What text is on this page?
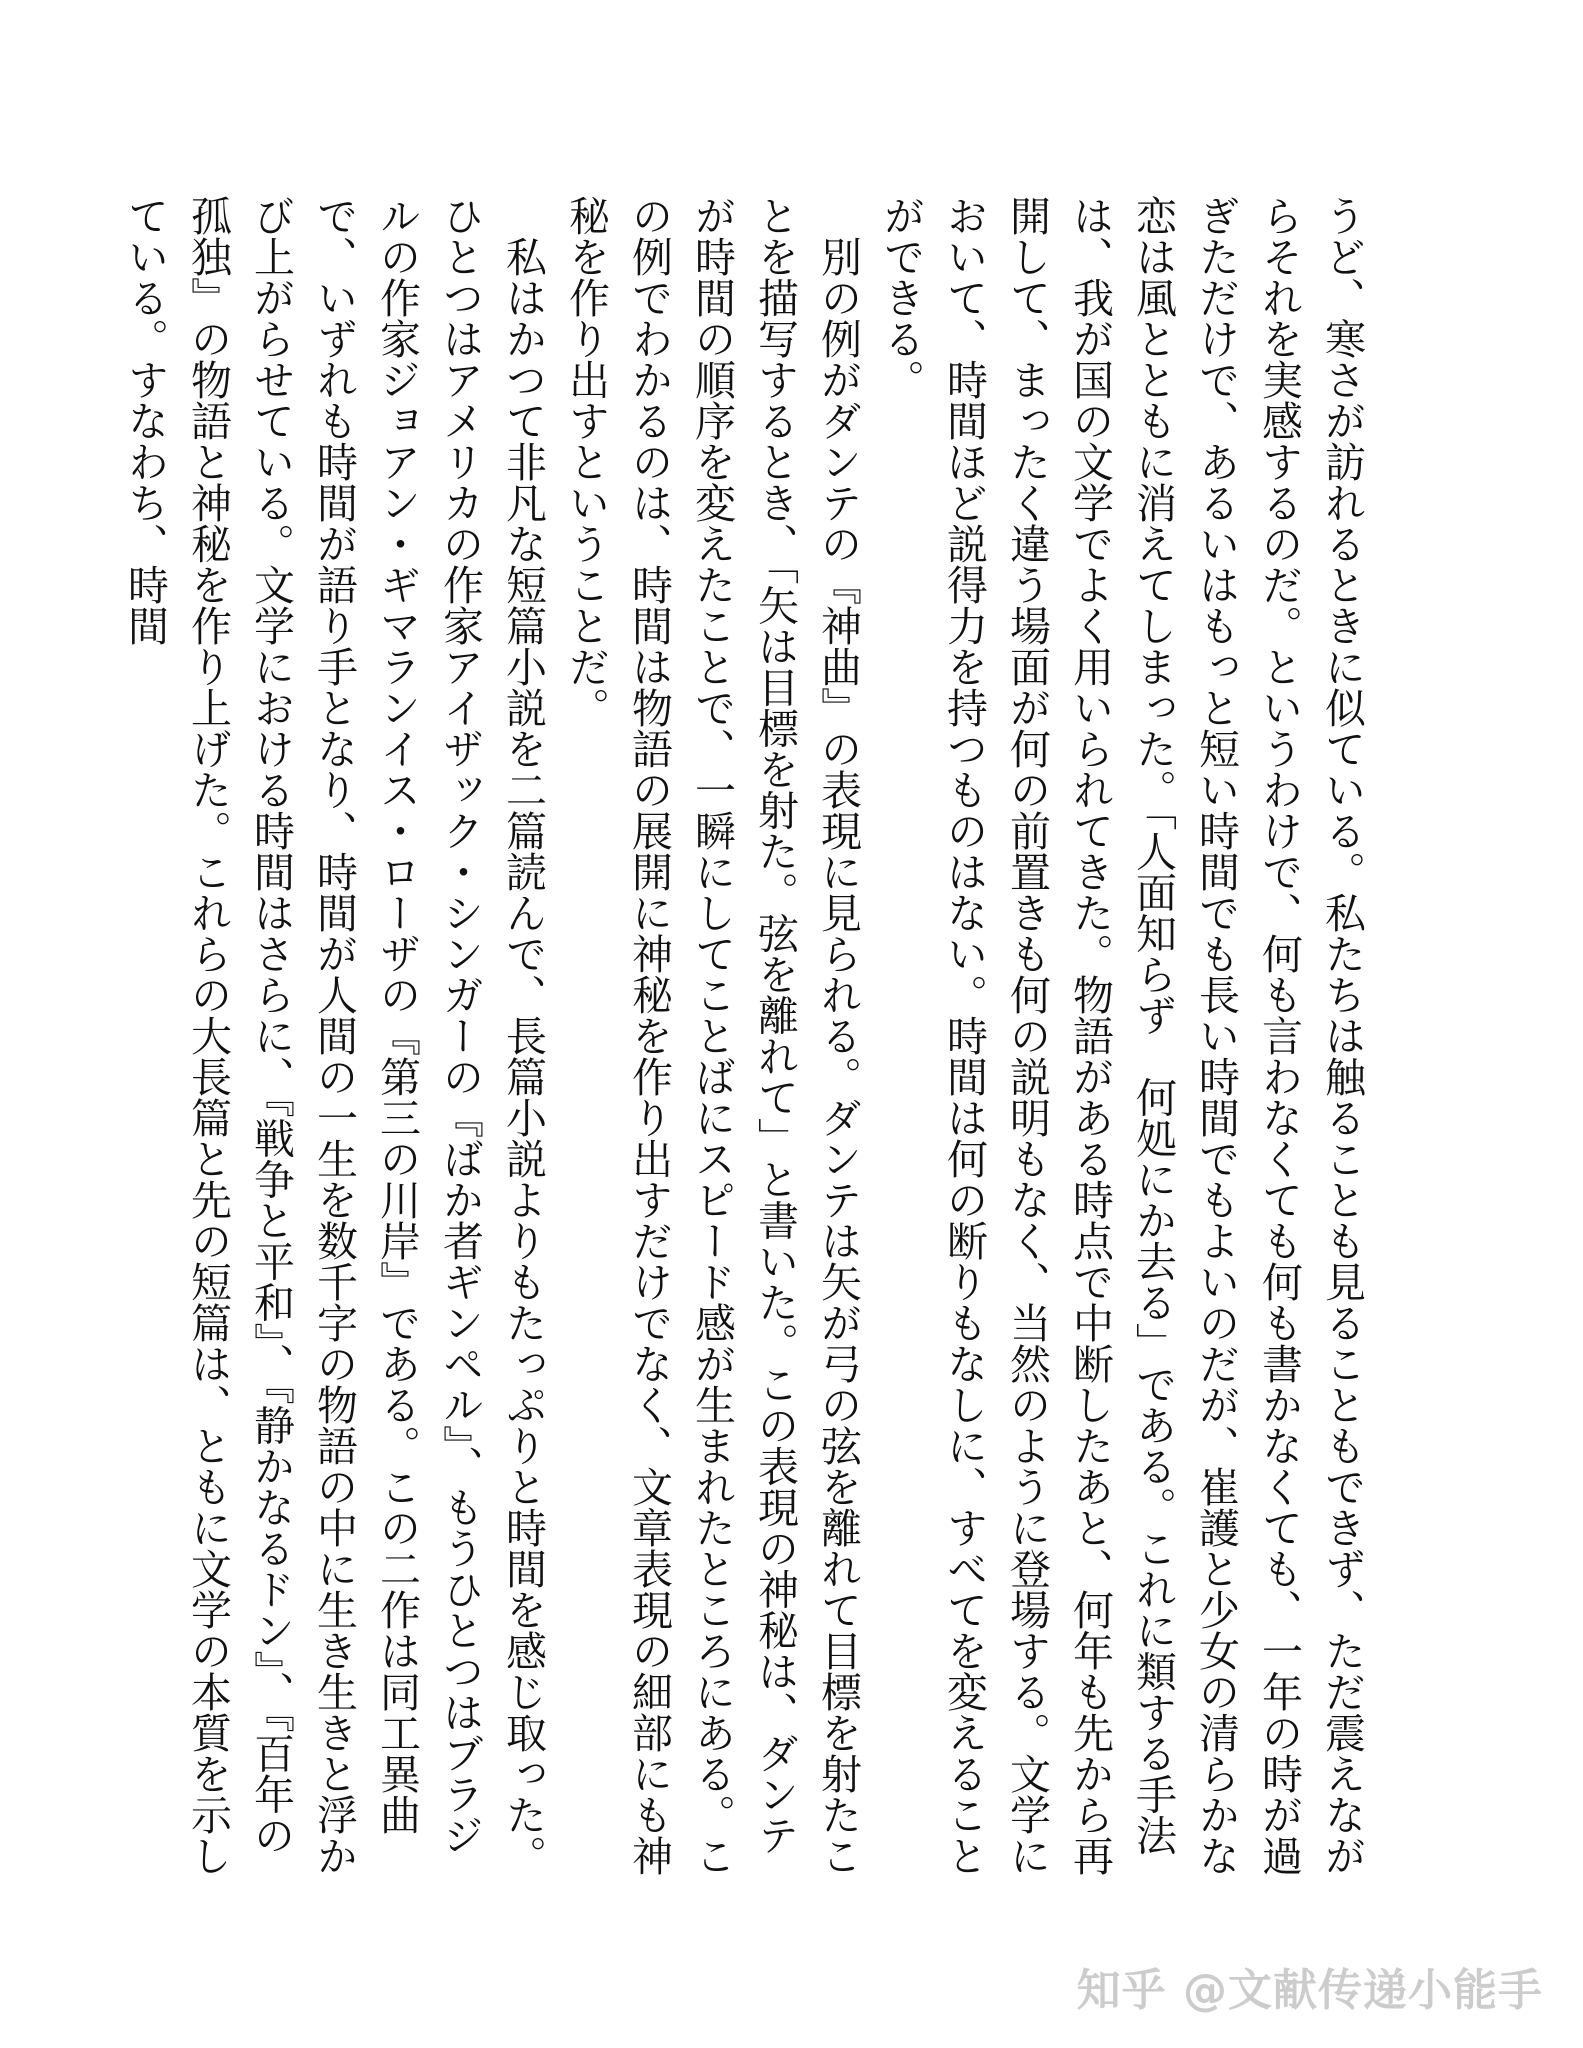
うど、寒さが訪れるときに似ている。私たちは触ることも見ることもできず、ただ震えながらそれを実感するのだ。というわけで、何も言わなくても何も書かなくても、一年の時が過ぎただけで、あるいはもっと短い時間でも長い時間でもよいのだが、崔護と少女の清らかな恋は風とともに消えてしまった。「人面知らず　何処にか去る」である。これに類する手法は、我が国の文学でよく用いられてきた。物語がある時点で中断したあと、何年も先から再開して、まったく違う場面が何の前置きも何の説明もなく、当然のように登場する。文学において、時間ほど説得力を持つものはない。時間は何の断りもなしに、すべてを変えることができる。

　別の例がダンテの『神曲』の表現に見られる。ダンテは矢が弓の弦を離れて目標を射たことを描写するとき、「矢は目標を射た。弦を離れて」と書いた。この表現の神秘は、ダンテが時間の順序を変えたことで、一瞬にしてことばにスピード感が生まれたところにある。この例でわかるのは、時間は物語の展開に神秘を作り出すだけでなく、文章表現の細部にも神秘を作り出すということだ。

　私はかつて非凡な短篇小説を二篇読んで、長篇小説よりもたっぷりと時間を感じ取った。ひとつはアメリカの作家アイザック・シンガーの『ばか者ギンペル』、もうひとつはブラジルの作家ジョアン・ギマランイス・ローザの『第三の川岸』である。この二作は同工異曲で、いずれも時間が語り手となり、時間が人間の一生を数千字の物語の中に生き生きと浮かび上がらせている。文学における時間はさらに、『戦争と平和』、『静かなるドン』、『百年の孤独』の物語と神秘を作り上げた。これらの大長篇と先の短篇は、ともに文学の本質を示している。すなわち、時間

知乎 @文献传递小能手
